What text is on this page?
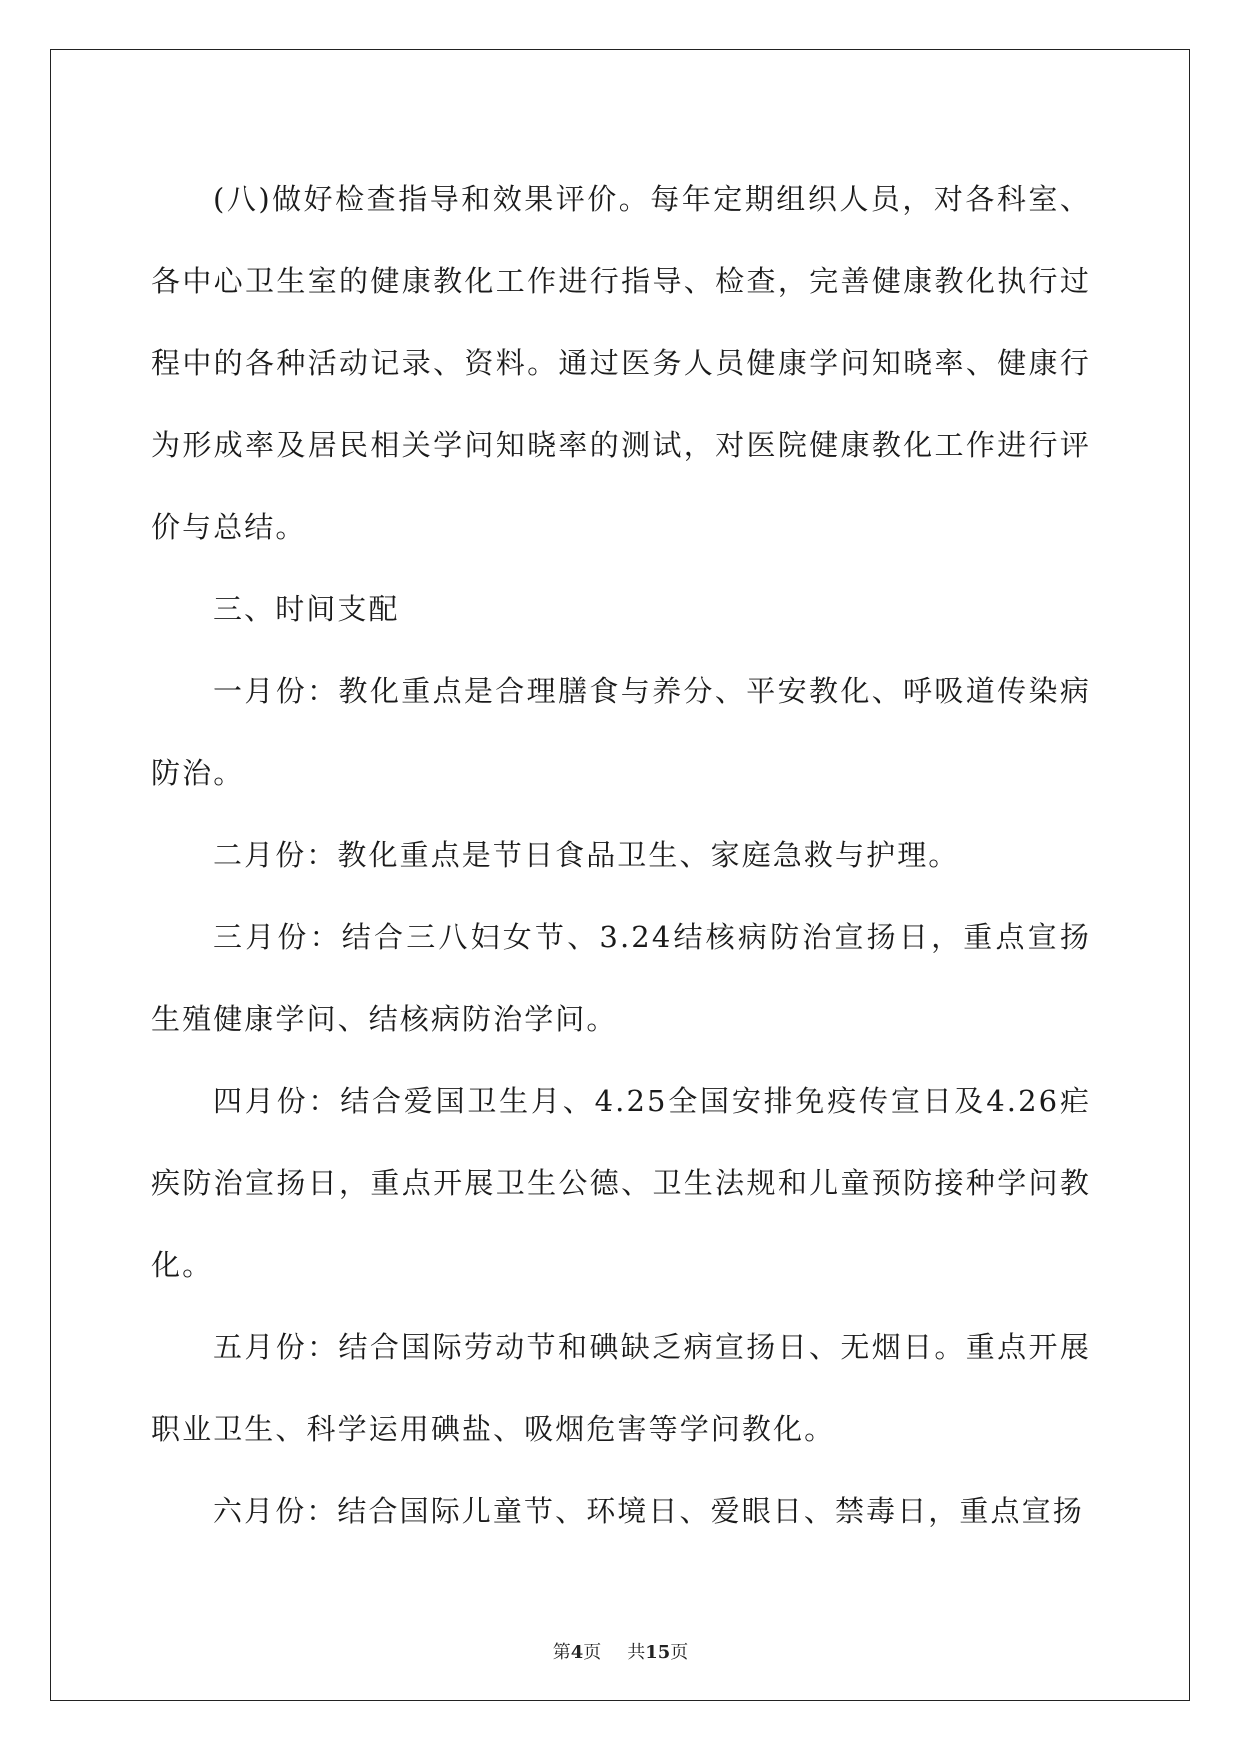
(八)做好检查指导和效果评价。每年定期组织人员，对各科室、各中心卫生室的健康教化工作进行指导、检查，完善健康教化执行过程中的各种活动记录、资料。通过医务人员健康学问知晓率、健康行为形成率及居民相关学问知晓率的测试，对医院健康教化工作进行评价与总结。

三、时间支配

一月份：教化重点是合理膳食与养分、平安教化、呼吸道传染病防治。

二月份：教化重点是节日食品卫生、家庭急救与护理。

三月份：结合三八妇女节、3.24结核病防治宣扬日，重点宣扬生殖健康学问、结核病防治学问。

四月份：结合爱国卫生月、4.25全国安排免疫传宣日及4.26疟疾防治宣扬日，重点开展卫生公德、卫生法规和儿童预防接种学问教化。

五月份：结合国际劳动节和碘缺乏病宣扬日、无烟日。重点开展职业卫生、科学运用碘盐、吸烟危害等学问教化。

六月份：结合国际儿童节、环境日、爱眼日、禁毒日，重点宣扬

第4页 共15页
